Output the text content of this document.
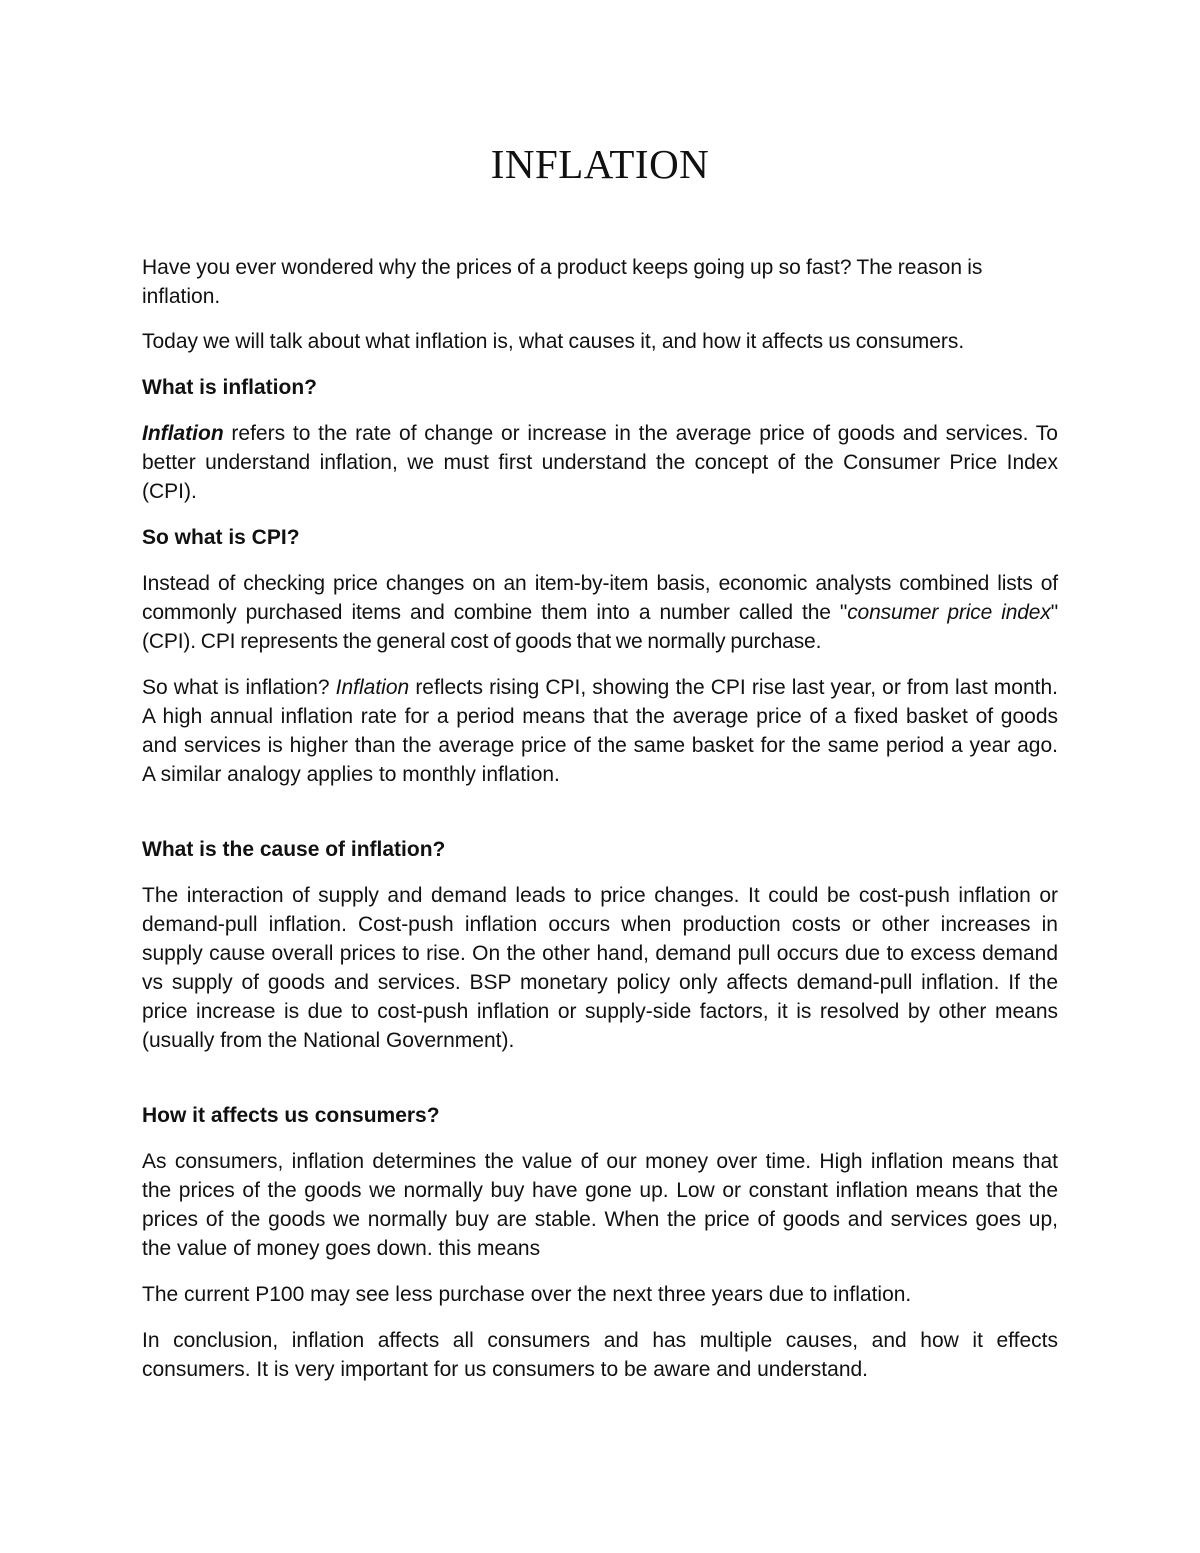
INFLATION

Have you ever wondered why the prices of a product keeps going up so fast? The reason is inflation.

Today we will talk about what inflation is, what causes it, and how it affects us consumers.

What is inflation?

Inflation refers to the rate of change or increase in the average price of goods and services. To better understand inflation, we must first understand the concept of the Consumer Price Index (CPI).

So what is CPI?

Instead of checking price changes on an item-by-item basis, economic analysts combined lists of commonly purchased items and combine them into a number called the "consumer price index" (CPI). CPI represents the general cost of goods that we normally purchase.

So what is inflation? Inflation reflects rising CPI, showing the CPI rise last year, or from last month. A high annual inflation rate for a period means that the average price of a fixed basket of goods and services is higher than the average price of the same basket for the same period a year ago. A similar analogy applies to monthly inflation.

What is the cause of inflation?

The interaction of supply and demand leads to price changes. It could be cost-push inflation or demand-pull inflation. Cost-push inflation occurs when production costs or other increases in supply cause overall prices to rise. On the other hand, demand pull occurs due to excess demand vs supply of goods and services. BSP monetary policy only affects demand-pull inflation. If the price increase is due to cost-push inflation or supply-side factors, it is resolved by other means (usually from the National Government).

How it affects us consumers?

As consumers, inflation determines the value of our money over time. High inflation means that the prices of the goods we normally buy have gone up. Low or constant inflation means that the prices of the goods we normally buy are stable. When the price of goods and services goes up, the value of money goes down. this means

The current P100 may see less purchase over the next three years due to inflation.

In conclusion, inflation affects all consumers and has multiple causes, and how it effects consumers. It is very important for us consumers to be aware and understand.
